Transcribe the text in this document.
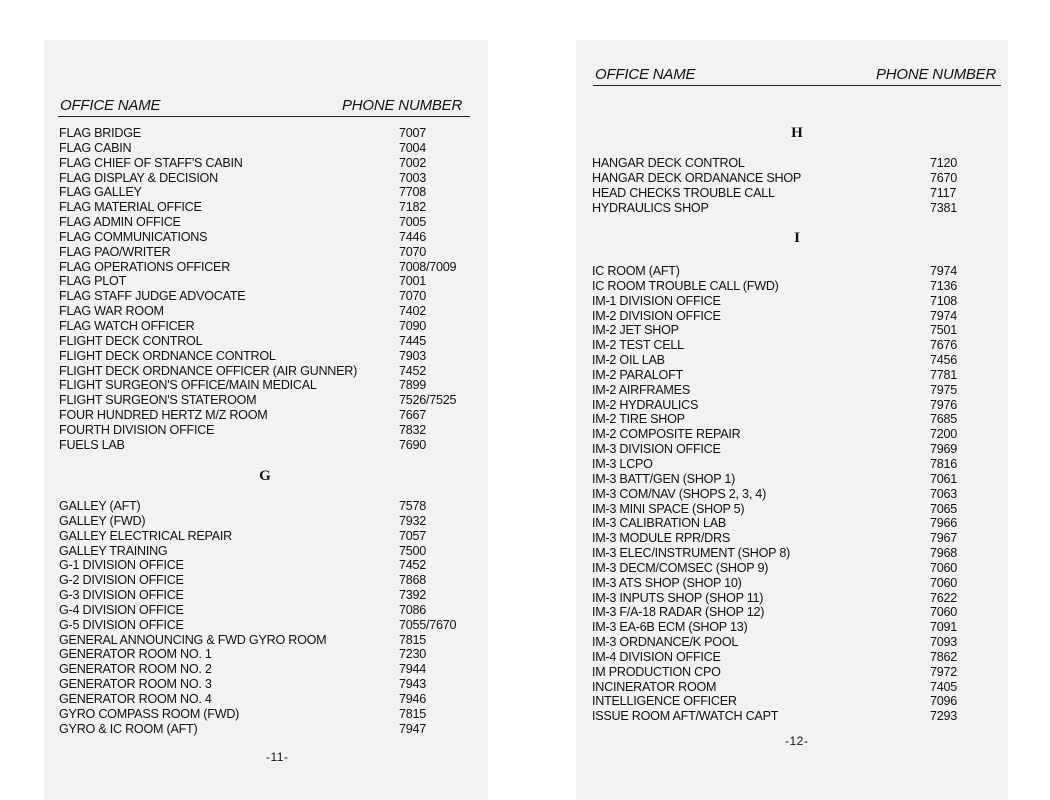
OFFICE NAME	PHONE NUMBER
FLAG BRIDGE	7007
FLAG CABIN	7004
FLAG CHIEF OF STAFF'S CABIN	7002
FLAG DISPLAY & DECISION	7003
FLAG GALLEY	7708
FLAG MATERIAL OFFICE	7182
FLAG ADMIN OFFICE	7005
FLAG COMMUNICATIONS	7446
FLAG PAO/WRITER	7070
FLAG OPERATIONS OFFICER	7008/7009
FLAG PLOT	7001
FLAG STAFF JUDGE ADVOCATE	7070
FLAG WAR ROOM	7402
FLAG WATCH OFFICER	7090
FLIGHT DECK CONTROL	7445
FLIGHT DECK ORDNANCE CONTROL	7903
FLIGHT DECK ORDNANCE OFFICER (AIR GUNNER)	7452
FLIGHT SURGEON'S OFFICE/MAIN MEDICAL	7899
FLIGHT SURGEON'S STATEROOM	7526/7525
FOUR HUNDRED HERTZ M/Z ROOM	7667
FOURTH DIVISION OFFICE	7832
FUELS LAB	7690
G
GALLEY (AFT)	7578
GALLEY (FWD)	7932
GALLEY ELECTRICAL REPAIR	7057
GALLEY TRAINING	7500
G-1 DIVISION OFFICE	7452
G-2 DIVISION OFFICE	7868
G-3 DIVISION OFFICE	7392
G-4 DIVISION OFFICE	7086
G-5 DIVISION OFFICE	7055/7670
GENERAL ANNOUNCING & FWD GYRO ROOM	7815
GENERATOR ROOM NO. 1	7230
GENERATOR ROOM NO. 2	7944
GENERATOR ROOM NO. 3	7943
GENERATOR ROOM NO. 4	7946
GYRO COMPASS ROOM (FWD)	7815
GYRO & IC ROOM (AFT)	7947
-11-
OFFICE NAME	PHONE NUMBER
H
HANGAR DECK CONTROL	7120
HANGAR DECK ORDANANCE SHOP	7670
HEAD CHECKS TROUBLE CALL	7117
HYDRAULICS SHOP	7381
I
IC ROOM (AFT)	7974
IC ROOM TROUBLE CALL (FWD)	7136
IM-1 DIVISION OFFICE	7108
IM-2 DIVISION OFFICE	7974
IM-2 JET SHOP	7501
IM-2 TEST CELL	7676
IM-2 OIL LAB	7456
IM-2 PARALOFT	7781
IM-2 AIRFRAMES	7975
IM-2 HYDRAULICS	7976
IM-2 TIRE SHOP	7685
IM-2 COMPOSITE REPAIR	7200
IM-3 DIVISION OFFICE	7969
IM-3 LCPO	7816
IM-3 BATT/GEN (SHOP 1)	7061
IM-3 COM/NAV (SHOPS 2, 3, 4)	7063
IM-3 MINI SPACE (SHOP 5)	7065
IM-3 CALIBRATION LAB	7966
IM-3 MODULE RPR/DRS	7967
IM-3 ELEC/INSTRUMENT (SHOP 8)	7968
IM-3 DECM/COMSEC (SHOP 9)	7060
IM-3 ATS SHOP (SHOP 10)	7060
IM-3 INPUTS SHOP (SHOP 11)	7622
IM-3 F/A-18 RADAR (SHOP 12)	7060
IM-3 EA-6B ECM (SHOP 13)	7091
IM-3 ORDNANCE/K POOL	7093
IM-4 DIVISION OFFICE	7862
IM PRODUCTION CPO	7972
INCINERATOR ROOM	7405
INTELLIGENCE OFFICER	7096
ISSUE ROOM AFT/WATCH CAPT	7293
-12-
